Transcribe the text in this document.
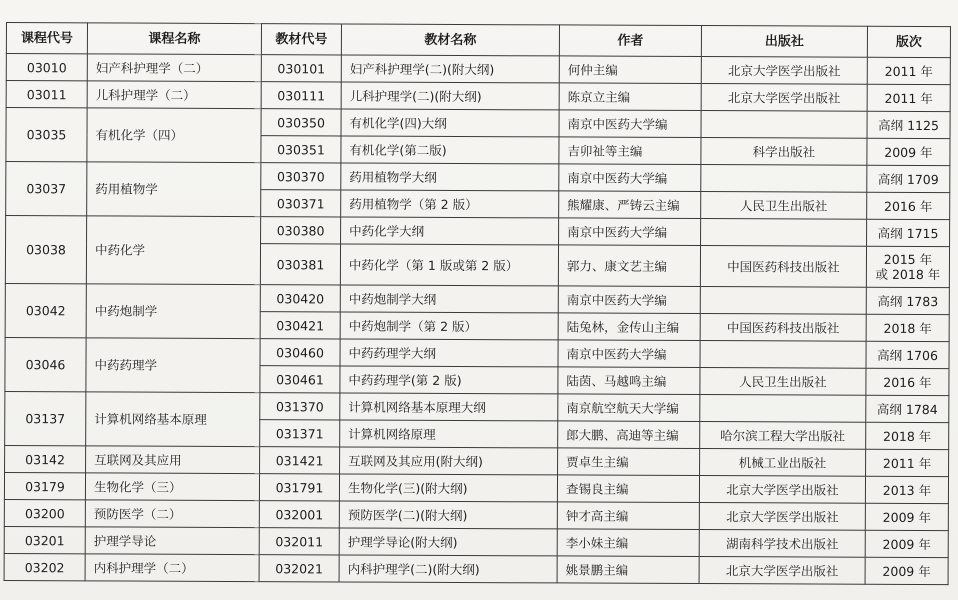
课程代号	课程名称	教材代号	教材名称	作者	出版社	版次
03010	妇产科护理学（二）	030101	妇产科护理学(二)(附大纲)	何仲主编	北京大学医学出版社	2011 年
03011	儿科护理学（二）	030111	儿科护理学(二)(附大纲)	陈京立主编	北京大学医学出版社	2011 年
03035	有机化学（四）	030350	有机化学(四)大纲	南京中医药大学编		高纲 1125
		030351	有机化学(第二版)	吉卯祉等主编	科学出版社	2009 年
03037	药用植物学	030370	药用植物学大纲	南京中医药大学编		高纲 1709
		030371	药用植物学（第 2 版）	熊耀康、严铸云主编	人民卫生出版社	2016 年
03038	中药化学	030380	中药化学大纲	南京中医药大学编		高纲 1715
		030381	中药化学（第 1 版或第 2 版）	郭力、康文艺主编	中国医药科技出版社	2015 年
或 2018 年
03042	中药炮制学	030420	中药炮制学大纲	南京中医药大学编		高纲 1783
		030421	中药炮制学（第 2 版）	陆兔林，金传山主编	中国医药科技出版社	2018 年
03046	中药药理学	030460	中药药理学大纲	南京中医药大学编		高纲 1706
		030461	中药药理学(第 2 版)	陆茵、马越鸣主编	人民卫生出版社	2016 年
03137	计算机网络基本原理	031370	计算机网络基本原理大纲	南京航空航天大学编		高纲 1784
		031371	计算机网络原理	郎大鹏、高迪等主编	哈尔滨工程大学出版社	2018 年
03142	互联网及其应用	031421	互联网及其应用(附大纲)	贾卓生主编	机械工业出版社	2011 年
03179	生物化学（三）	031791	生物化学(三)(附大纲)	查锡良主编	北京大学医学出版社	2013 年
03200	预防医学（二）	032001	预防医学(二)(附大纲)	钟才高主编	北京大学医学出版社	2009 年
03201	护理学导论	032011	护理学导论(附大纲)	李小妹主编	湖南科学技术出版社	2009 年
03202	内科护理学（二）	032021	内科护理学(二)(附大纲)	姚景鹏主编	北京大学医学出版社	2009 年
